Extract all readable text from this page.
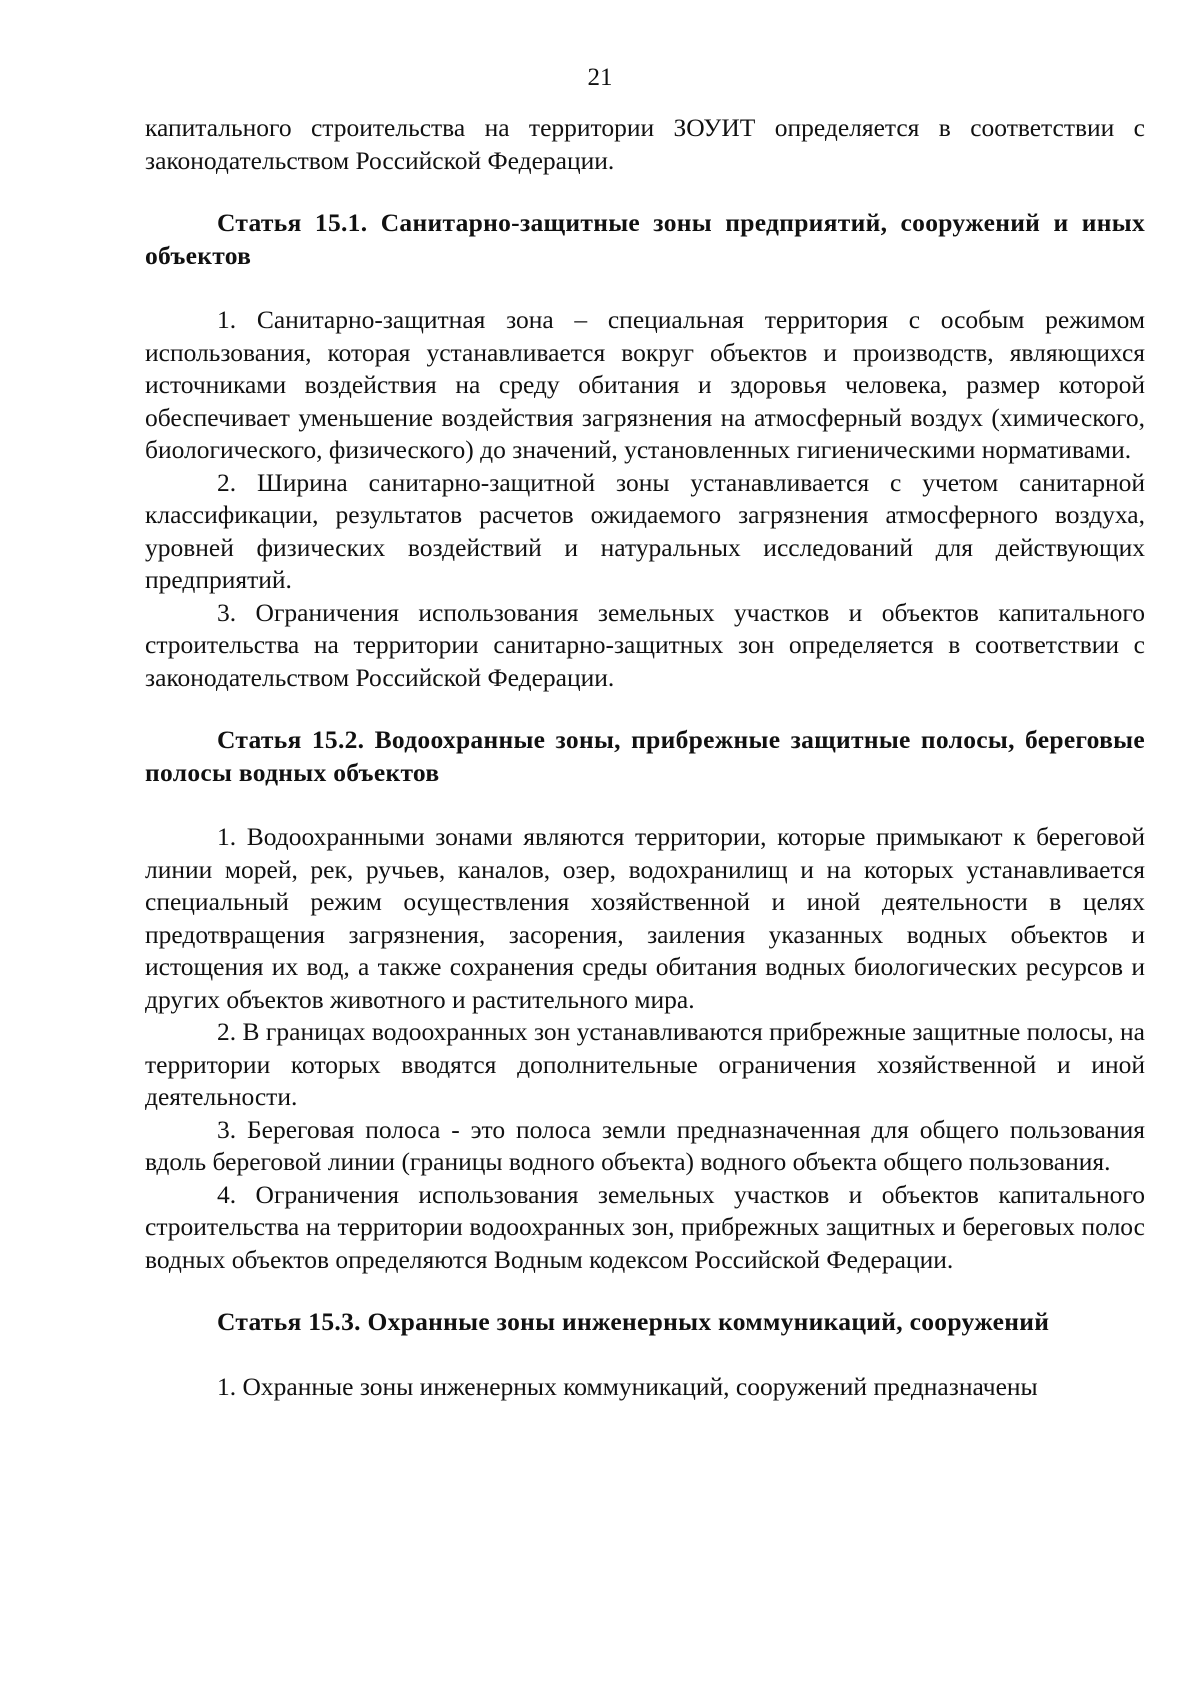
21

капитального строительства на территории ЗОУИТ определяется в соответствии с законодательством Российской Федерации.

Статья 15.1. Санитарно-защитные зоны предприятий, сооружений и иных объектов

1. Санитарно-защитная зона – специальная территория с особым режимом использования, которая устанавливается вокруг объектов и производств, являющихся источниками воздействия на среду обитания и здоровья человека, размер которой обеспечивает уменьшение воздействия загрязнения на атмосферный воздух (химического, биологического, физического) до значений, установленных гигиеническими нормативами.

2. Ширина санитарно-защитной зоны устанавливается с учетом санитарной классификации, результатов расчетов ожидаемого загрязнения атмосферного воздуха, уровней физических воздействий и натуральных исследований для действующих предприятий.

3. Ограничения использования земельных участков и объектов капитального строительства на территории санитарно-защитных зон определяется в соответствии с законодательством Российской Федерации.

Статья 15.2. Водоохранные зоны, прибрежные защитные полосы, береговые полосы водных объектов

1. Водоохранными зонами являются территории, которые примыкают к береговой линии морей, рек, ручьев, каналов, озер, водохранилищ и на которых устанавливается специальный режим осуществления хозяйственной и иной деятельности в целях предотвращения загрязнения, засорения, заиления указанных водных объектов и истощения их вод, а также сохранения среды обитания водных биологических ресурсов и других объектов животного и растительного мира.

2. В границах водоохранных зон устанавливаются прибрежные защитные полосы, на территории которых вводятся дополнительные ограничения хозяйственной и иной деятельности.

3. Береговая полоса - это полоса земли предназначенная для общего пользования вдоль береговой линии (границы водного объекта) водного объекта общего пользования.

4. Ограничения использования земельных участков и объектов капитального строительства на территории водоохранных зон, прибрежных защитных и береговых полос водных объектов определяются Водным кодексом Российской Федерации.

Статья 15.3. Охранные зоны инженерных коммуникаций, сооружений

1. Охранные зоны инженерных коммуникаций, сооружений предназначены
